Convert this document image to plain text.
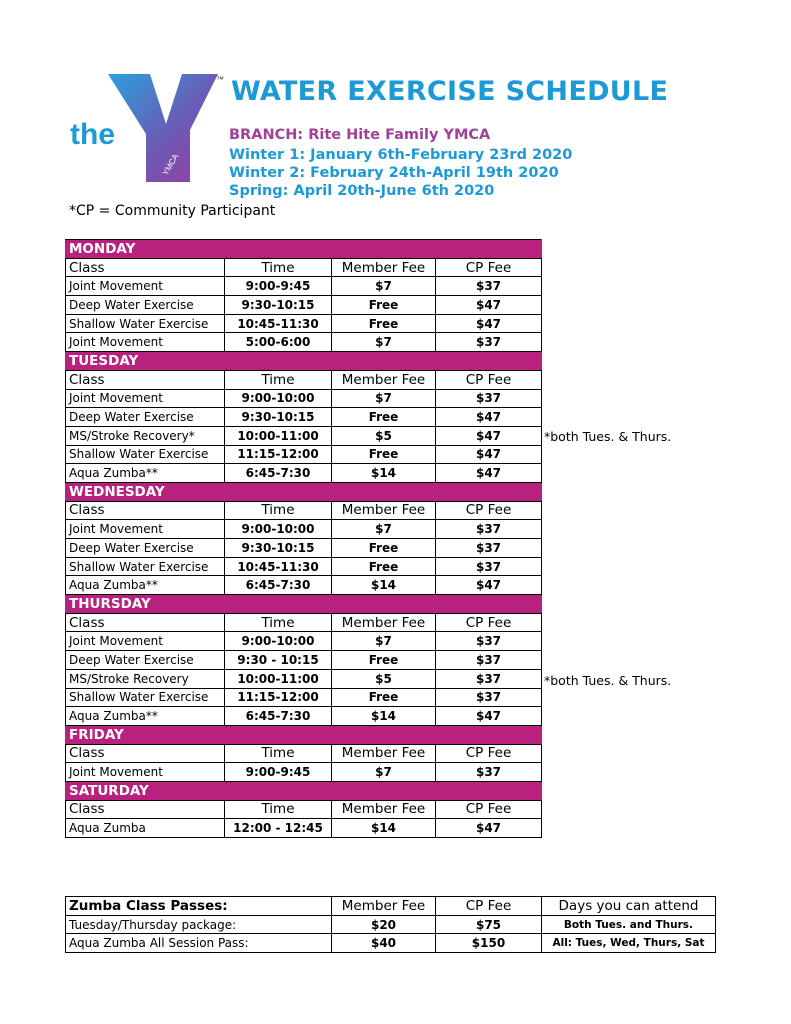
the
YMCA
™ WATER EXERCISE SCHEDULE
BRANCH: Rite Hite Family YMCA
Winter 1: January 6th-February 23rd 2020
Winter 2: February 24th-April 19th 2020
Spring: April 20th-June 6th 2020
*CP = Community Participant
MONDAY			
Class	Time	Member Fee	CP Fee
Joint Movement	9:00-9:45	$7	$37
Deep Water Exercise	9:30-10:15	Free	$47
Shallow Water Exercise	10:45-11:30	Free	$47
Joint Movement	5:00-6:00	$7	$37
TUESDAY			
Class	Time	Member Fee	CP Fee
Joint Movement	9:00-10:00	$7	$37
Deep Water Exercise	9:30-10:15	Free	$47
MS/Stroke Recovery*	10:00-11:00	$5	$47
Shallow Water Exercise	11:15-12:00	Free	$47
Aqua Zumba**	6:45-7:30	$14	$47
WEDNESDAY			
Class	Time	Member Fee	CP Fee
Joint Movement	9:00-10:00	$7	$37
Deep Water Exercise	9:30-10:15	Free	$37
Shallow Water Exercise	10:45-11:30	Free	$37
Aqua Zumba**	6:45-7:30	$14	$47
THURSDAY			
Class	Time	Member Fee	CP Fee
Joint Movement	9:00-10:00	$7	$37
Deep Water Exercise	9:30 - 10:15	Free	$37
MS/Stroke Recovery	10:00-11:00	$5	$37
Shallow Water Exercise	11:15-12:00	Free	$37
Aqua Zumba**	6:45-7:30	$14	$47
FRIDAY			
Class	Time	Member Fee	CP Fee
Joint Movement	9:00-9:45	$7	$37
SATURDAY			
Class	Time	Member Fee	CP Fee
Aqua Zumba	12:00 - 12:45	$14	$47
*both Tues. & Thurs.
*both Tues. & Thurs.
Zumba Class Passes:	Member Fee	CP Fee	Days you can attend
Tuesday/Thursday package:	$20	$75	Both Tues. and Thurs.
Aqua Zumba All Session Pass:	$40	$150	All: Tues, Wed, Thurs, Sat
